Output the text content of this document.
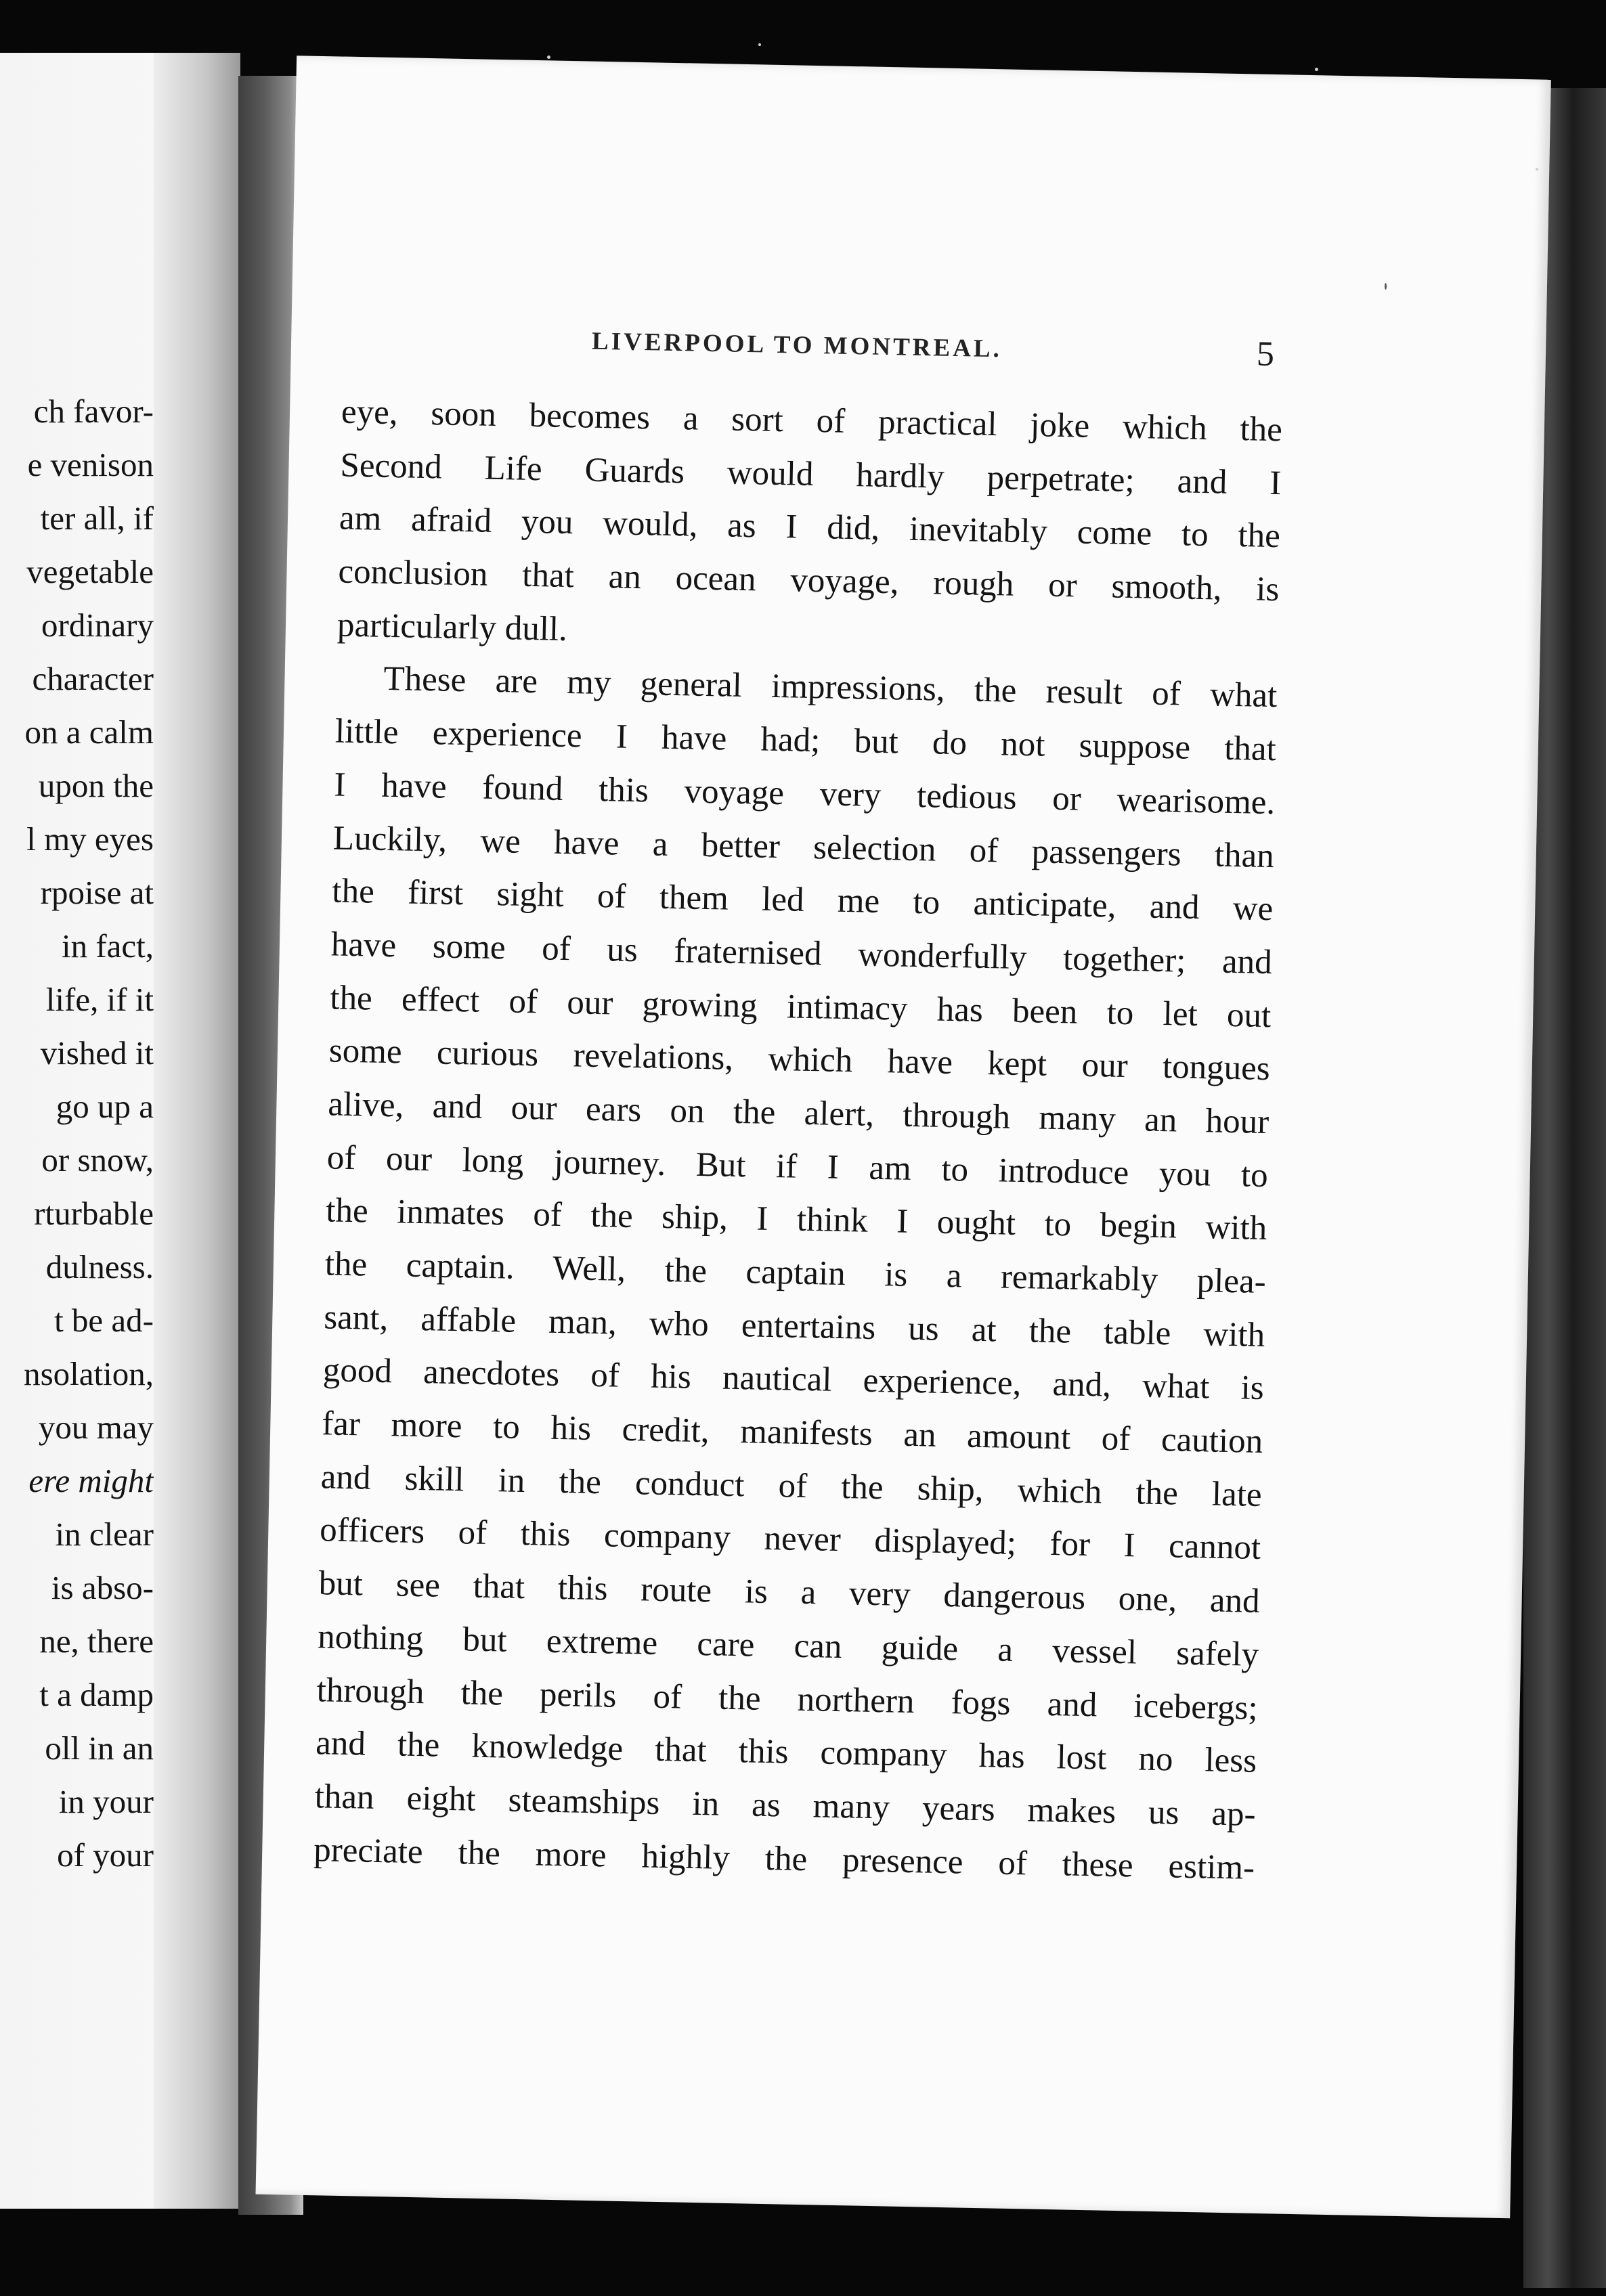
ch favor-
e venison
ter all, if
vegetable
ordinary
character
on a calm
upon the
l my eyes
rpoise at
in fact,
life, if it
vished it
go up a
or snow,
rturbable
dulness.
t be ad-
nsolation,
you may
ere might
in clear
is abso-
ne, there
t a damp
oll in an
in your
of your
LIVERPOOL TO MONTREAL.	5
eye, soon becomes a sort of practical joke which the
Second Life Guards would hardly perpetrate; and I
am afraid you would, as I did, inevitably come to the
conclusion that an ocean voyage, rough or smooth, is
particularly dull.
These are my general impressions, the result of what
little experience I have had; but do not suppose that
I have found this voyage very tedious or wearisome.
Luckily, we have a better selection of passengers than
the first sight of them led me to anticipate, and we
have some of us fraternised wonderfully together; and
the effect of our growing intimacy has been to let out
some curious revelations, which have kept our tongues
alive, and our ears on the alert, through many an hour
of our long journey. But if I am to introduce you to
the inmates of the ship, I think I ought to begin with
the captain. Well, the captain is a remarkably plea-
sant, affable man, who entertains us at the table with
good anecdotes of his nautical experience, and, what is
far more to his credit, manifests an amount of caution
and skill in the conduct of the ship, which the late
officers of this company never displayed; for I cannot
but see that this route is a very dangerous one, and
nothing but extreme care can guide a vessel safely
through the perils of the northern fogs and icebergs;
and the knowledge that this company has lost no less
than eight steamships in as many years makes us ap-
preciate the more highly the presence of these estim-
